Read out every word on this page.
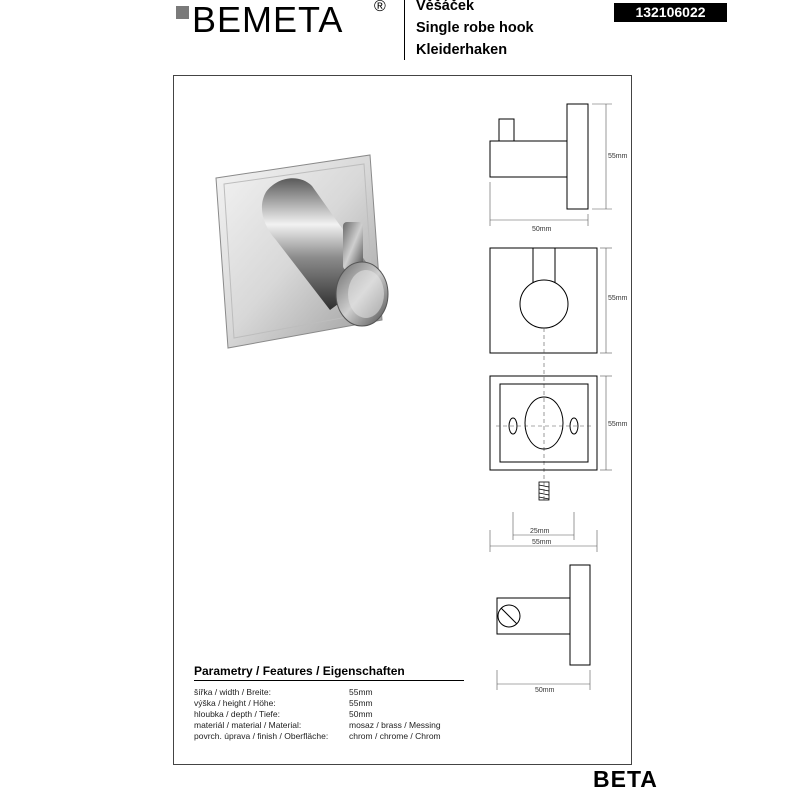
BEMETA ® Věšáček
Single robe hook
Kleiderhaken
132106022
55mm
50mm
55mm
55mm
25mm
55mm
50mm
Parametry / Features / Eigenschaften
šířka / width / Breite:	55mm
výška / height / Höhe:	55mm
hloubka / depth / Tiefe:	50mm
materiál / material / Material:	mosaz / brass / Messing
povrch. úprava / finish / Oberfläche: chrom / chrome / Chrom
BETA
